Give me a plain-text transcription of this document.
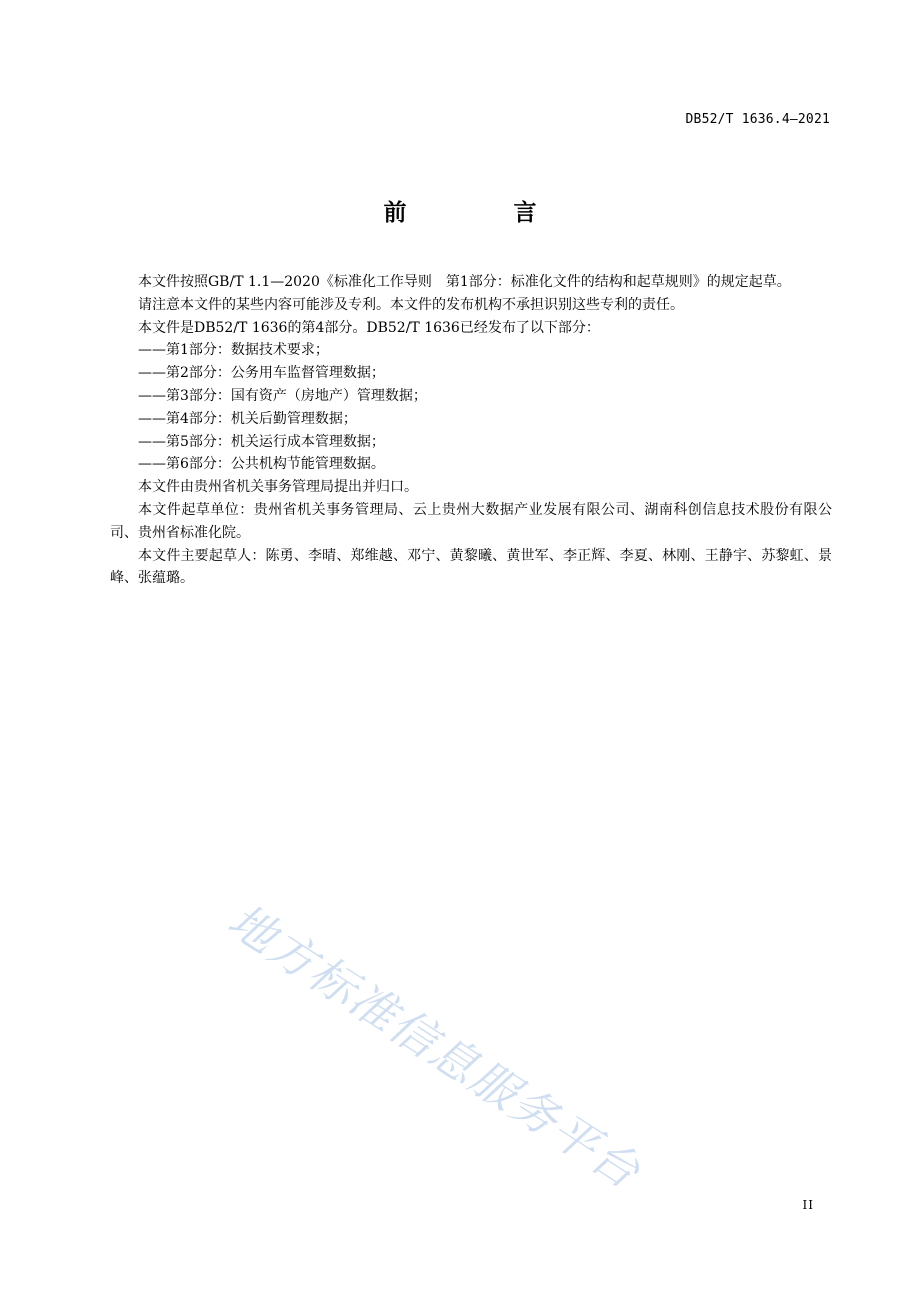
DB52/T 1636.4—2021
前　言

本文件按照GB/T 1.1—2020《标准化工作导则　第1部分：标准化文件的结构和起草规则》的规定起草。

请注意本文件的某些内容可能涉及专利。本文件的发布机构不承担识别这些专利的责任。

本文件是DB52/T 1636的第4部分。DB52/T 1636已经发布了以下部分：

——第1部分：数据技术要求；

——第2部分：公务用车监督管理数据；

——第3部分：国有资产（房地产）管理数据；

——第4部分：机关后勤管理数据；

——第5部分：机关运行成本管理数据；

——第6部分：公共机构节能管理数据。

本文件由贵州省机关事务管理局提出并归口。

本文件起草单位：贵州省机关事务管理局、云上贵州大数据产业发展有限公司、湖南科创信息技术股份有限公司、贵州省标准化院。

本文件主要起草人：陈勇、李晴、郑维越、邓宁、黄黎曦、黄世军、李正辉、李夏、林刚、王静宇、苏黎虹、景峰、张蕴璐。

地方标准信息服务平台
II
